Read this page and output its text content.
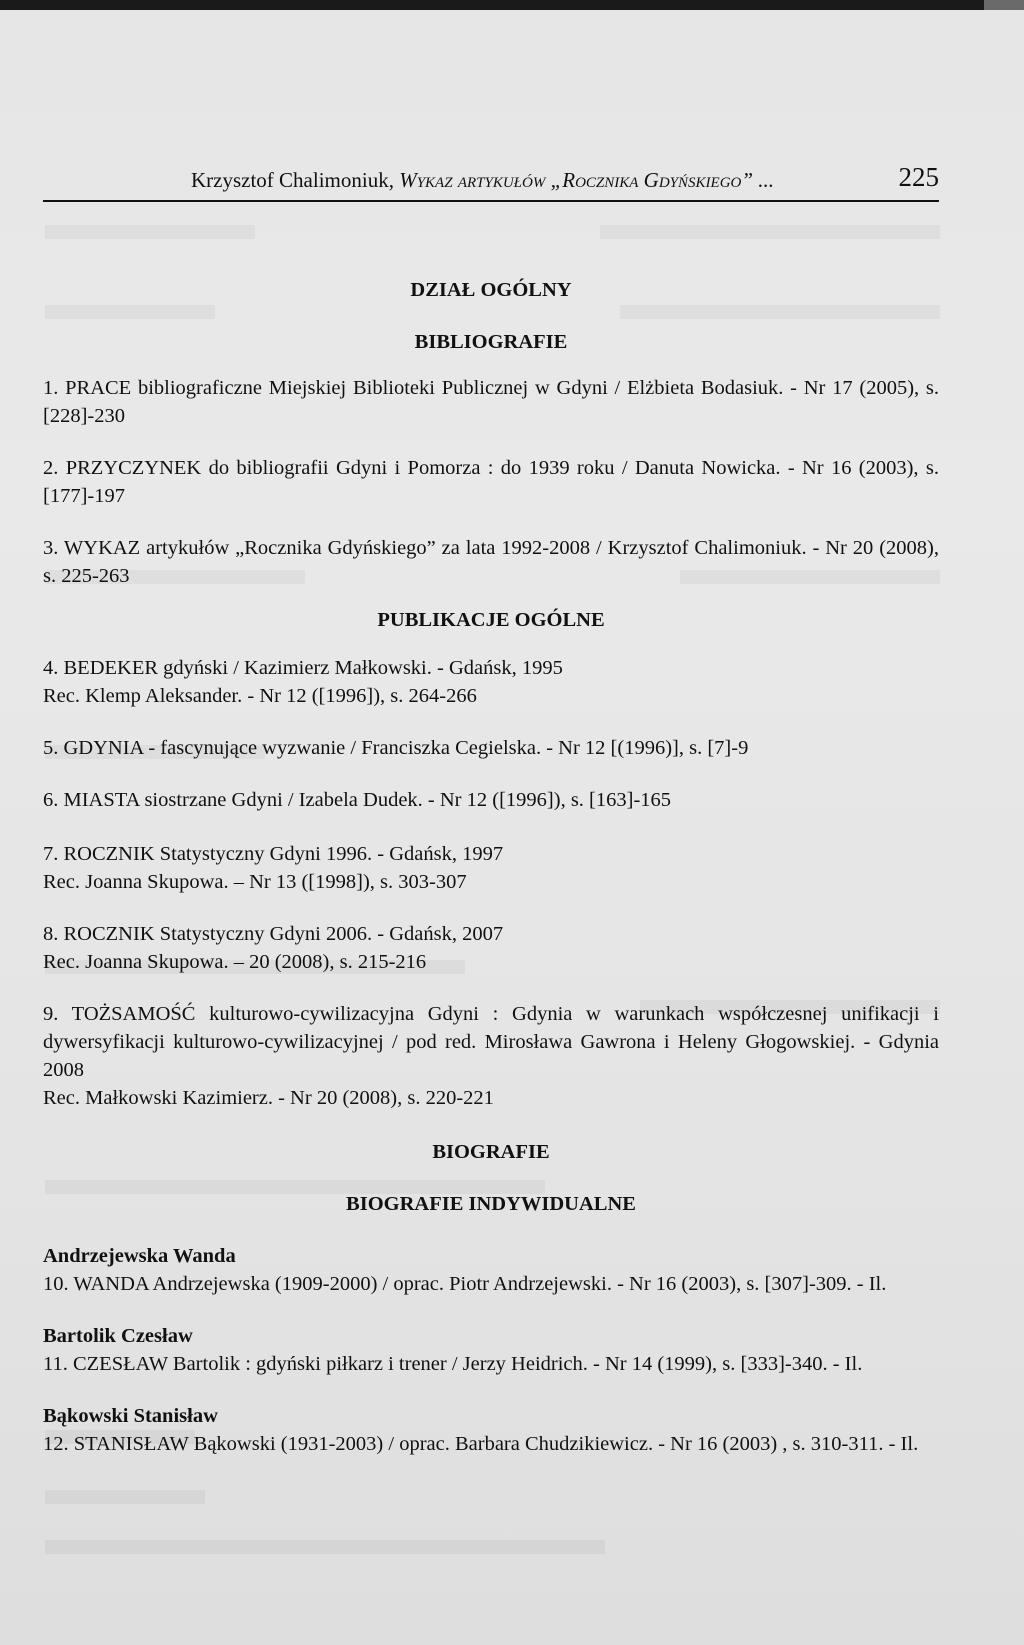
Krzysztof Chalimoniuk, Wykaz artykułów „Rocznika Gdyńskiego” ...	225

DZIAŁ OGÓLNY

BIBLIOGRAFIE

1. PRACE bibliograficzne Miejskiej Biblioteki Publicznej w Gdyni / Elżbieta Bodasiuk. - Nr 17 (2005), s. [228]-230

2. PRZYCZYNEK do bibliografii Gdyni i Pomorza : do 1939 roku / Danuta Nowicka. - Nr 16 (2003), s. [177]-197

3. WYKAZ artykułów „Rocznika Gdyńskiego” za lata 1992-2008 / Krzysztof Chalimoniuk. - Nr 20 (2008), s. 225-263

PUBLIKACJE OGÓLNE

4. BEDEKER gdyński / Kazimierz Małkowski. - Gdańsk, 1995

Rec. Klemp Aleksander. - Nr 12 ([1996]), s. 264-266

5. GDYNIA - fascynujące wyzwanie / Franciszka Cegielska. - Nr 12 [(1996)], s. [7]-9

6. MIASTA siostrzane Gdyni / Izabela Dudek. - Nr 12 ([1996]), s. [163]-165

7. ROCZNIK Statystyczny Gdyni 1996. - Gdańsk, 1997

Rec. Joanna Skupowa. – Nr 13 ([1998]), s. 303-307

8. ROCZNIK Statystyczny Gdyni 2006. - Gdańsk, 2007

Rec. Joanna Skupowa. – 20 (2008), s. 215-216

9. TOŻSAMOŚĆ kulturowo-cywilizacyjna Gdyni : Gdynia w warunkach współczesnej unifikacji i dywersyfikacji kulturowo-cywilizacyjnej / pod red. Mirosława Gawrona i Heleny Głogowskiej. - Gdynia 2008

Rec. Małkowski Kazimierz. - Nr 20 (2008), s. 220-221

BIOGRAFIE

BIOGRAFIE INDYWIDUALNE

Andrzejewska Wanda

10. WANDA Andrzejewska (1909-2000) / oprac. Piotr Andrzejewski. - Nr 16 (2003), s. [307]-309. - Il.

Bartolik Czesław

11. CZESŁAW Bartolik : gdyński piłkarz i trener / Jerzy Heidrich. - Nr 14 (1999), s. [333]-340. - Il.

Bąkowski Stanisław

12. STANISŁAW Bąkowski (1931-2003) / oprac. Barbara Chudzikiewicz. - Nr 16 (2003) , s. 310-311. - Il.
